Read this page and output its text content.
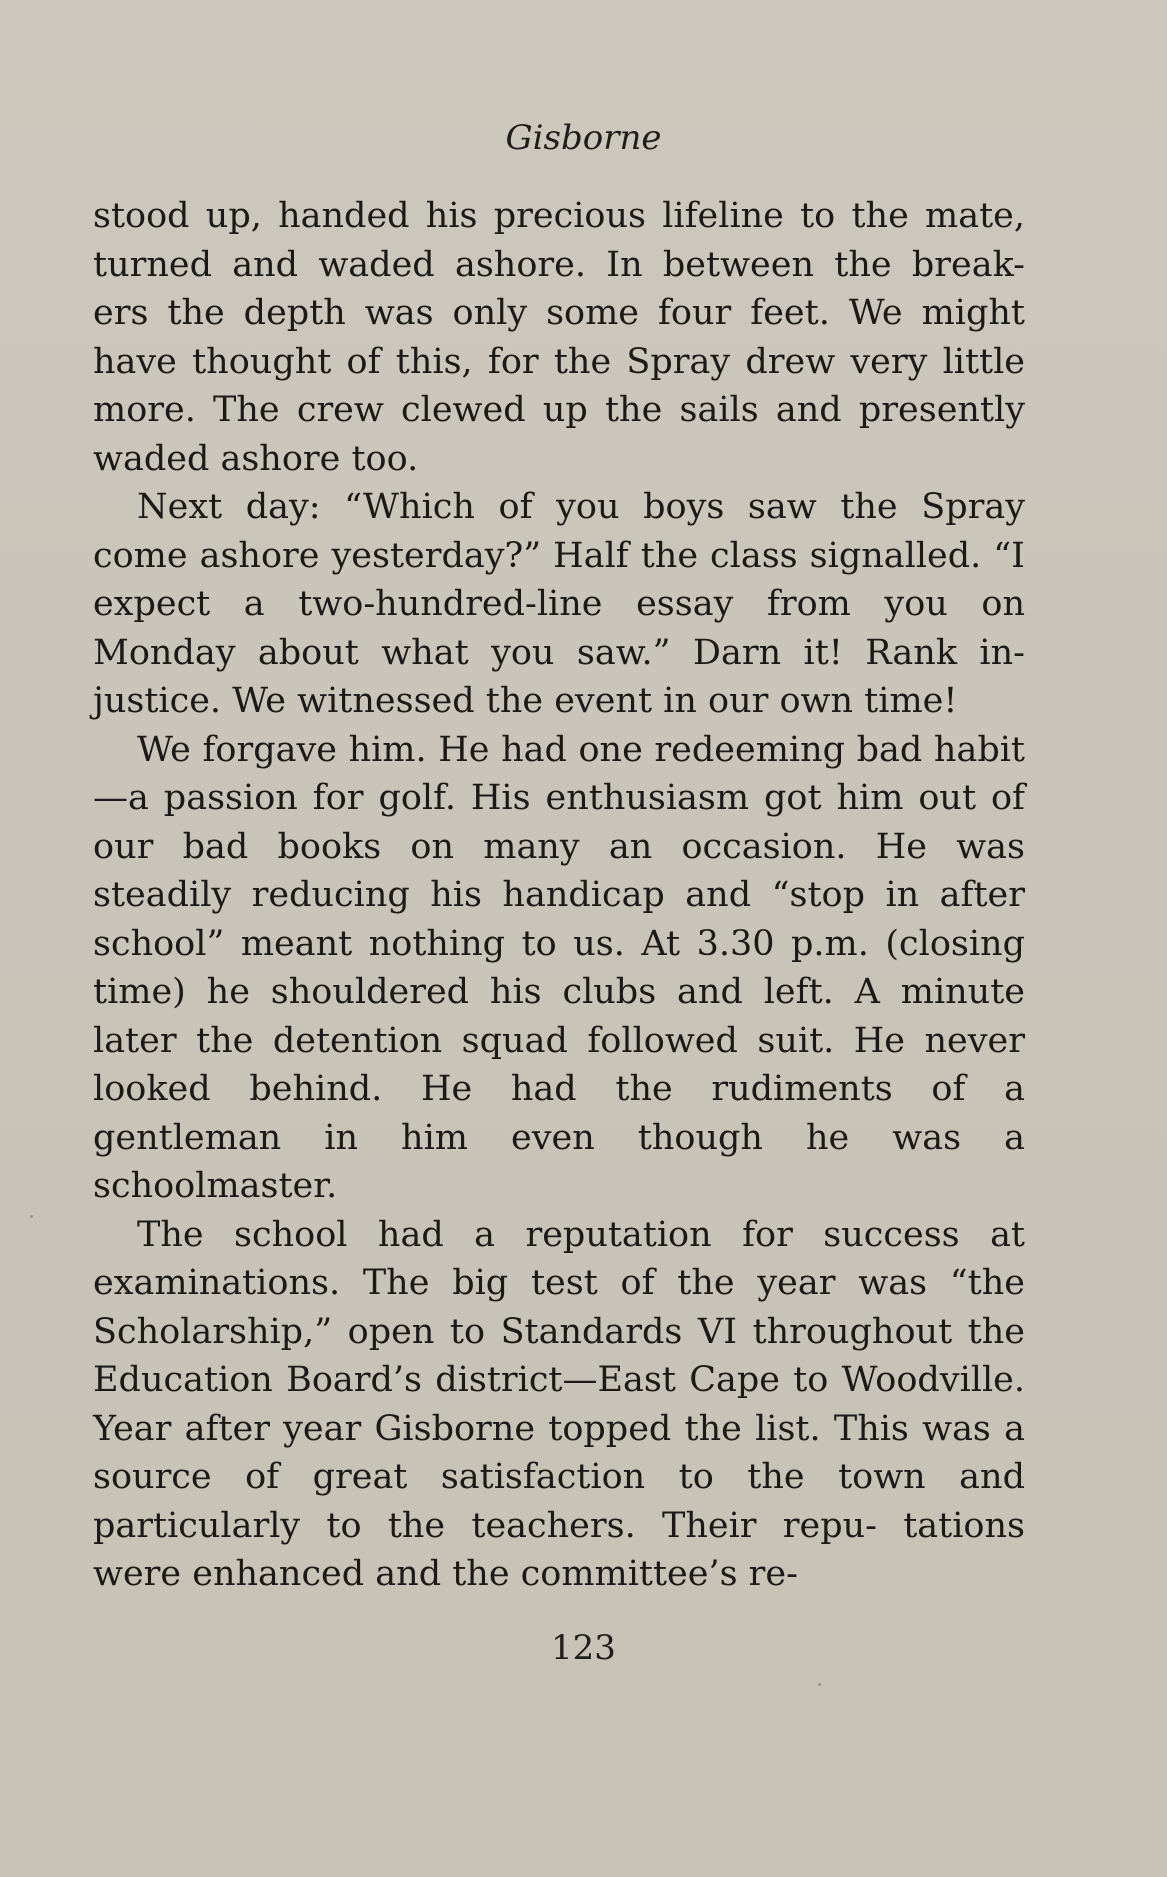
Gisborne

stood up, handed his precious lifeline to the mate, turned and waded ashore. In between the break- ers the depth was only some four feet. We might have thought of this, for the Spray drew very little more. The crew clewed up the sails and presently waded ashore too.

Next day: “Which of you boys saw the Spray come ashore yesterday?” Half the class signalled. “I expect a two-hundred-line essay from you on Monday about what you saw.” Darn it! Rank in- justice. We witnessed the event in our own time!

We forgave him. He had one redeeming bad habit—a passion for golf. His enthusiasm got him out of our bad books on many an occasion. He was steadily reducing his handicap and “stop in after school” meant nothing to us. At 3.30 p.m. (closing time) he shouldered his clubs and left. A minute later the detention squad followed suit. He never looked behind. He had the rudiments of a gentleman in him even though he was a schoolmaster.

The school had a reputation for success at examinations. The big test of the year was “the Scholarship,” open to Standards VI throughout the Education Board’s district—East Cape to Woodville. Year after year Gisborne topped the list. This was a source of great satisfaction to the town and particularly to the teachers. Their repu- tations were enhanced and the committee’s re-

123
